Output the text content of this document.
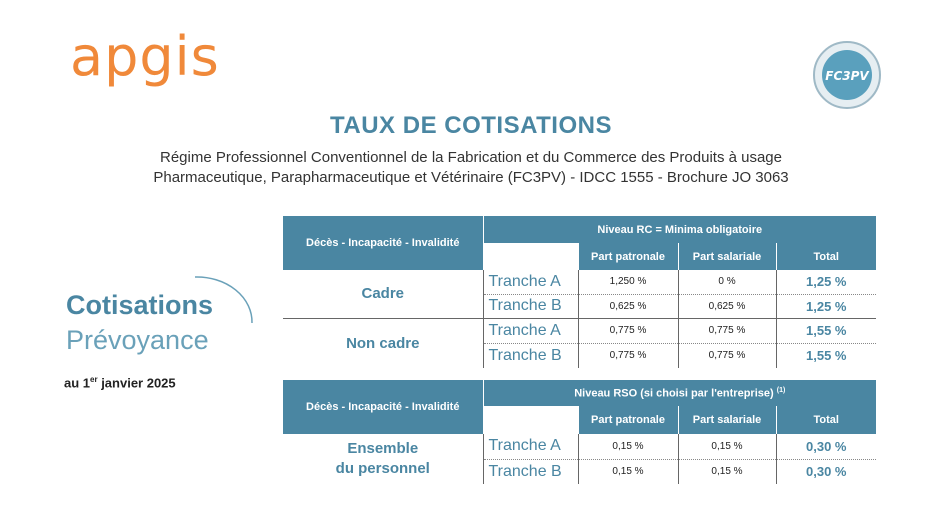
apgis	FC3PV
TAUX DE COTISATIONS
Régime Professionnel Conventionnel de la Fabrication et du Commerce des Produits à usage
Pharmaceutique, Parapharmaceutique et Vétérinaire (FC3PV) - IDCC 1555 - Brochure JO 3063
Cotisations
Prévoyance
au 1er janvier 2025
Décès - Incapacité - Invalidité	Niveau RC = Minima obligatoire			
		Part patronale	Part salariale	Total
Cadre	Tranche A	1,250 %	0 %	1,25 %
	Tranche B	0,625 %	0,625 %	1,25 %
Non cadre	Tranche A	0,775 %	0,775 %	1,55 %
	Tranche B	0,775 %	0,775 %	1,55 %
Décès - Incapacité - Invalidité	Niveau RSO (si choisi par l'entreprise) $^{(1)}$
		Part patronale	Part salariale	Total

Ensemble
du personnel	Tranche A	0,15 %	0,15 %	0,30 %
	Tranche B	0,15 %	0,15 %	0,30 %
